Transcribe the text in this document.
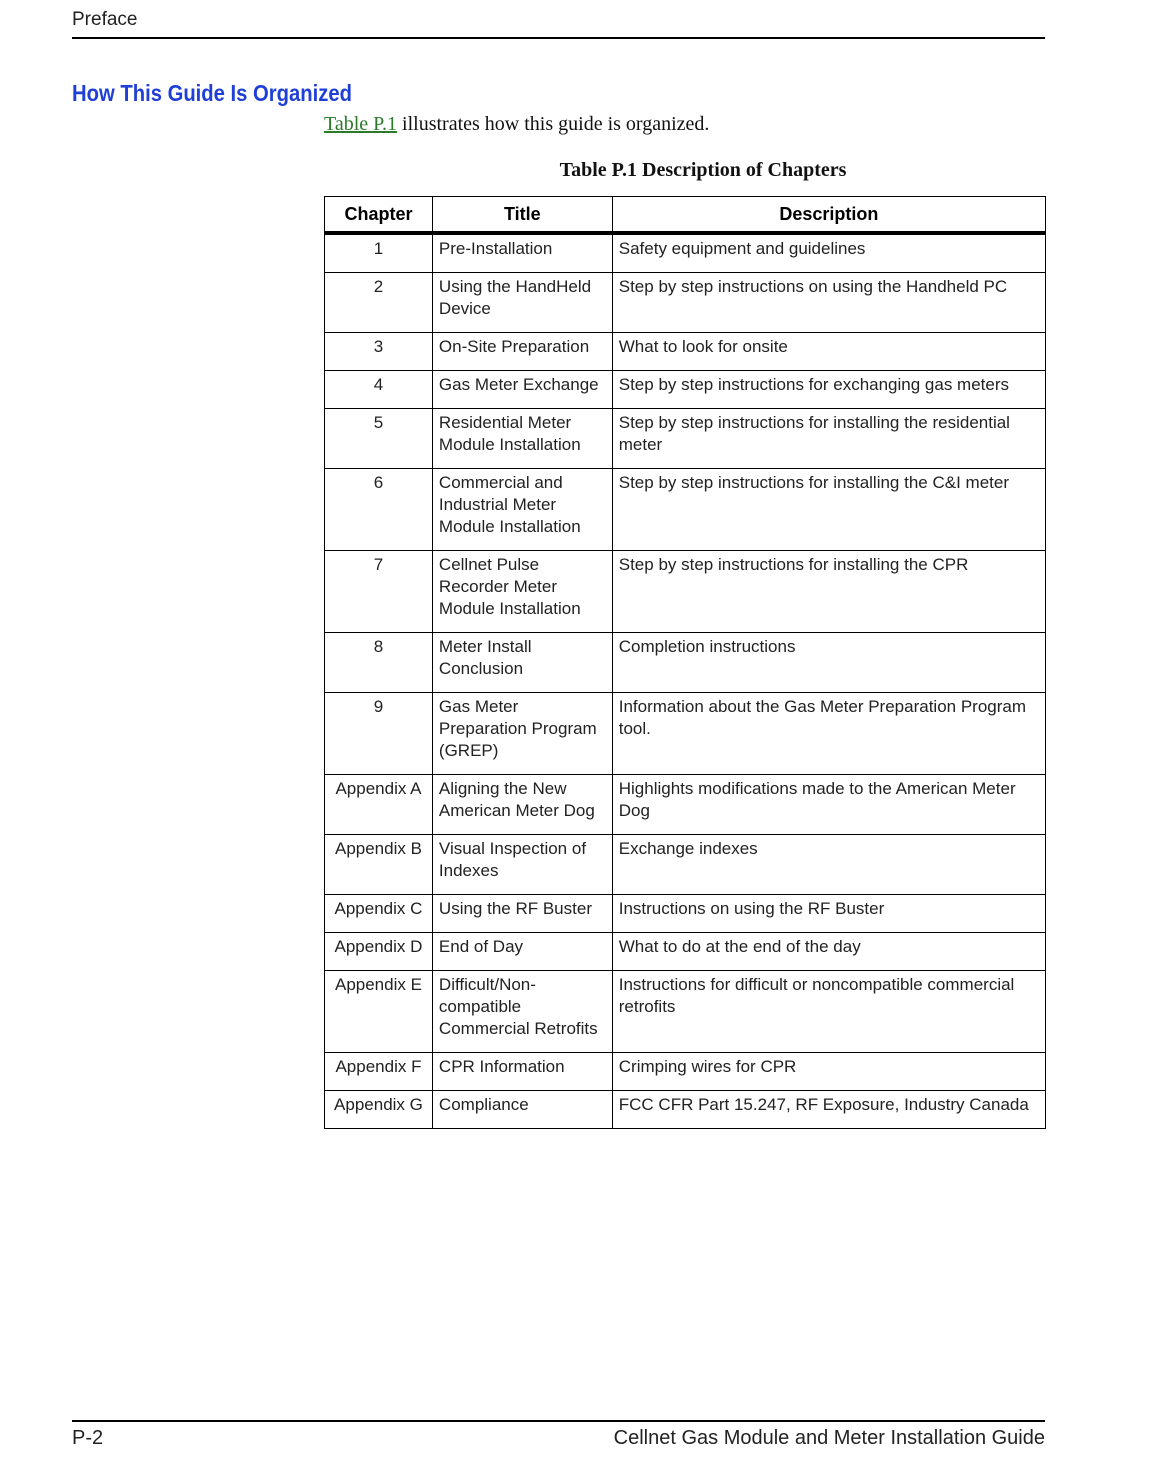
Preface
How This Guide Is Organized
Table P.1 illustrates how this guide is organized.
Table P.1 Description of Chapters
Chapter	Title	Description
1	Pre-Installation	Safety equipment and guidelines
2	Using the HandHeld Device	Step by step instructions on using the Handheld PC
3	On-Site Preparation	What to look for onsite
4	Gas Meter Exchange	Step by step instructions for exchanging gas meters
5	Residential Meter Module Installation	Step by step instructions for installing the residential meter
6	Commercial and Industrial Meter Module Installation	Step by step instructions for installing the C&I meter
7	Cellnet Pulse Recorder Meter Module Installation	Step by step instructions for installing the CPR
8	Meter Install Conclusion	Completion instructions
9	Gas Meter Preparation Program (GREP)	Information about the Gas Meter Preparation Program tool.
Appendix A	Aligning the New American Meter Dog	Highlights modifications made to the American Meter Dog
Appendix B	Visual Inspection of Indexes	Exchange indexes
Appendix C	Using the RF Buster	Instructions on using the RF Buster
Appendix D	End of Day	What to do at the end of the day
Appendix E	Difficult/Non-compatible Commercial Retrofits	Instructions for difficult or noncompatible commercial retrofits
Appendix F	CPR Information	Crimping wires for CPR
Appendix G	Compliance	FCC CFR Part 15.247, RF Exposure, Industry Canada
P-2	Cellnet Gas Module and Meter Installation Guide
